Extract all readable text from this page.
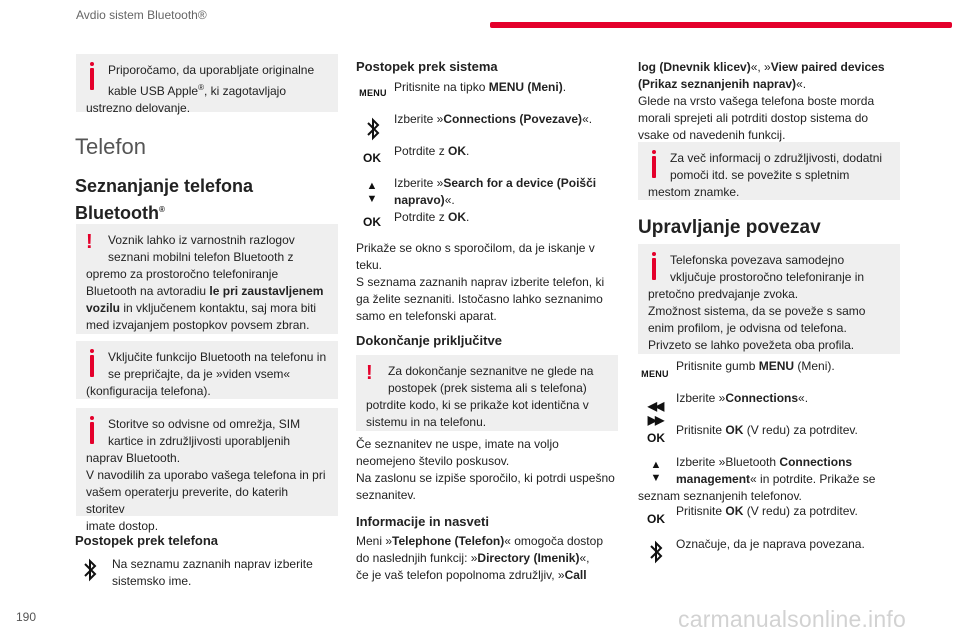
Avdio sistem Bluetooth®
Priporočamo, da uporabljate originalne
kable USB Apple®, ki zagotavljajo
ustrezno delovanje.
Telefon
Seznanjanje telefona
Bluetooth®
!	Voznik lahko iz varnostnih razlogov
seznani mobilni telefon Bluetooth z
opremo za prostoročno telefoniranje
Bluetooth na avtoradiu le pri zaustavljenem
vozilu in vključenem kontaktu, saj mora biti
med izvajanjem postopkov povsem zbran.
Vključite funkcijo Bluetooth na telefonu in
se prepričajte, da je »viden vsem«
(konfiguracija telefona).
Storitve so odvisne od omrežja, SIM
kartice in združljivosti uporabljenih
naprav Bluetooth.
V navodilih za uporabo vašega telefona in pri
vašem operaterju preverite, do katerih storitev
imate dostop.
Postopek prek telefona
Na seznamu zaznanih naprav izberite
sistemsko ime.
Postopek prek sistema
MENU Pritisnite na tipko MENU (Meni).
Izberite »Connections (Povezave)«.
OK	Potrdite z OK.
▲
▼
OK
Izberite »Search for a device (Poišči
napravo)«.
Potrdite z OK.
Prikaže se okno s sporočilom, da je iskanje v
teku.
S seznama zaznanih naprav izberite telefon, ki
ga želite seznaniti. Istočasno lahko seznanimo
samo en telefonski aparat.
Dokončanje priključitve
!	Za dokončanje seznanitve ne glede na
postopek (prek sistema ali s telefona)
potrdite kodo, ki se prikaže kot identična v
sistemu in na telefonu.
Če seznanitev ne uspe, imate na voljo
neomejeno število poskusov.
Na zaslonu se izpiše sporočilo, ki potrdi uspešno
seznanitev.
Informacije in nasveti
Meni »Telephone (Telefon)« omogoča dostop
do naslednjih funkcij: »Directory (Imenik)«,
če je vaš telefon popolnoma združljiv, »Call
log (Dnevnik klicev)«, »View paired devices
(Prikaz seznanjenih naprav)«.
Glede na vrsto vašega telefona boste morda
morali sprejeti ali potrditi dostop sistema do
vsake od navedenih funkcij.
Za več informacij o združljivosti, dodatni
pomoči itd. se povežite s spletnim
mestom znamke.
Upravljanje povezav
Telefonska povezava samodejno
vključuje prostoročno telefoniranje in
pretočno predvajanje zvoka.
Zmožnost sistema, da se poveže s samo
enim profilom, je odvisna od telefona.
Privzeto se lahko povežeta oba profila.
MENU
Pritisnite gumb MENU (Meni).
◀◀ ▶▶
Izberite »Connections«.
OK
Pritisnite OK (V redu) za potrditev.
▲
▼
Izberite »Bluetooth Connections
management« in potrdite. Prikaže se
seznam seznanjenih telefonov.
OK
Pritisnite OK (V redu) za potrditev.
Označuje, da je naprava povezana.
190	carmanualsonline.info
